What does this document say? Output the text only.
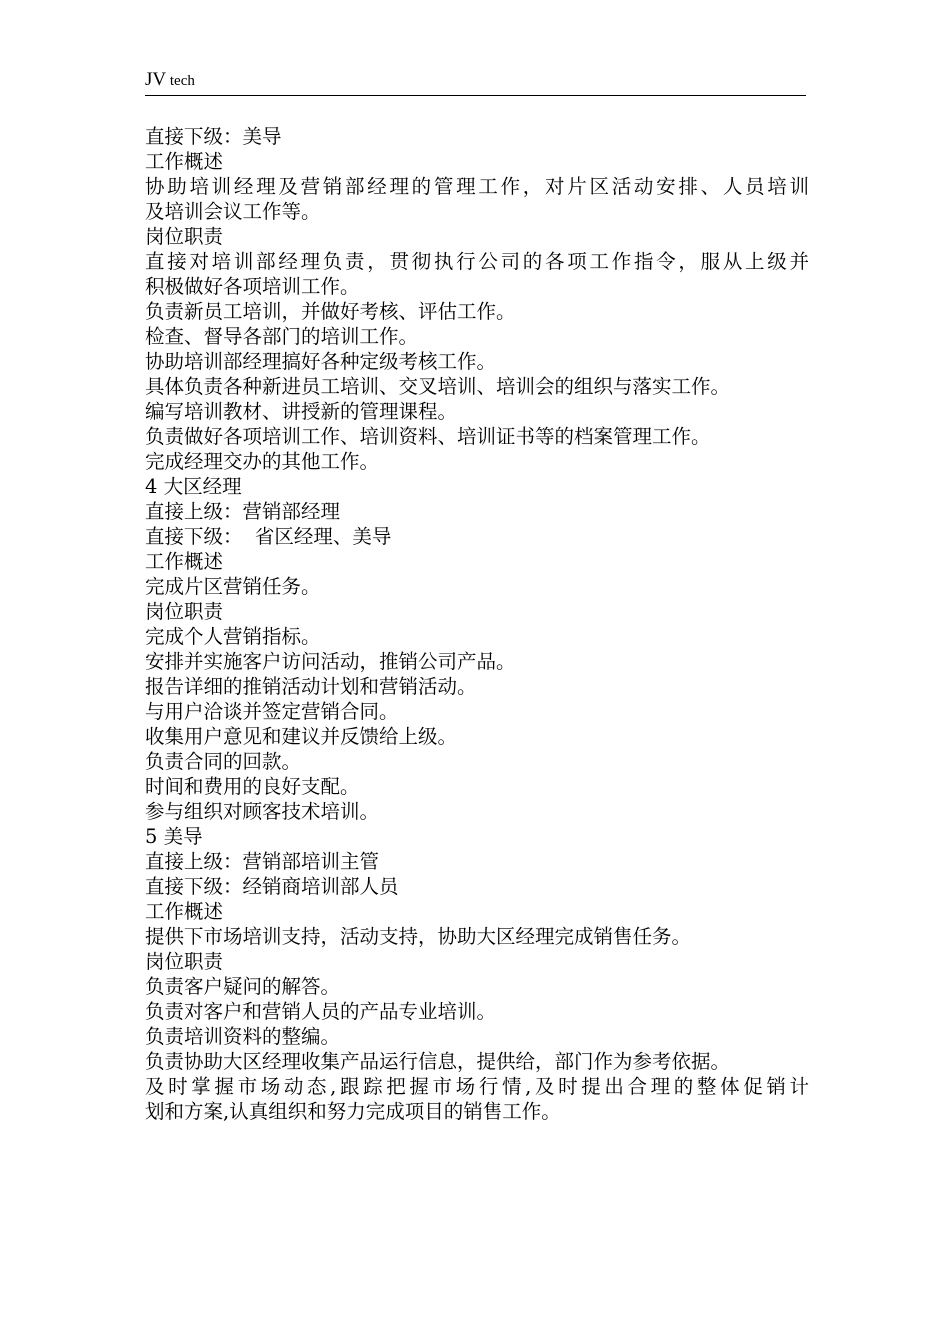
JV tech
直接下级：美导
工作概述
协助培训经理及营销部经理的管理工作，对片区活动安排、人员培训
及培训会议工作等。
岗位职责
直接对培训部经理负责，贯彻执行公司的各项工作指令，服从上级并
积极做好各项培训工作。
负责新员工培训，并做好考核、评估工作。
检查、督导各部门的培训工作。
协助培训部经理搞好各种定级考核工作。
具体负责各种新进员工培训、交叉培训、培训会的组织与落实工作。
编写培训教材、讲授新的管理课程。
负责做好各项培训工作、培训资料、培训证书等的档案管理工作。
完成经理交办的其他工作。
4 大区经理
直接上级：营销部经理
直接下级：  省区经理、美导
工作概述
完成片区营销任务。
岗位职责
完成个人营销指标。
安排并实施客户访问活动，推销公司产品。
报告详细的推销活动计划和营销活动。
与用户洽谈并签定营销合同。
收集用户意见和建议并反馈给上级。
负责合同的回款。
时间和费用的良好支配。
参与组织对顾客技术培训。
5 美导
直接上级：营销部培训主管
直接下级：经销商培训部人员
工作概述
提供下市场培训支持，活动支持，协助大区经理完成销售任务。
岗位职责
负责客户疑问的解答。
负责对客户和营销人员的产品专业培训。
负责培训资料的整编。
负责协助大区经理收集产品运行信息，提供给，部门作为参考依据。
及时掌握市场动态,跟踪把握市场行情,及时提出合理的整体促销计
划和方案,认真组织和努力完成项目的销售工作。
